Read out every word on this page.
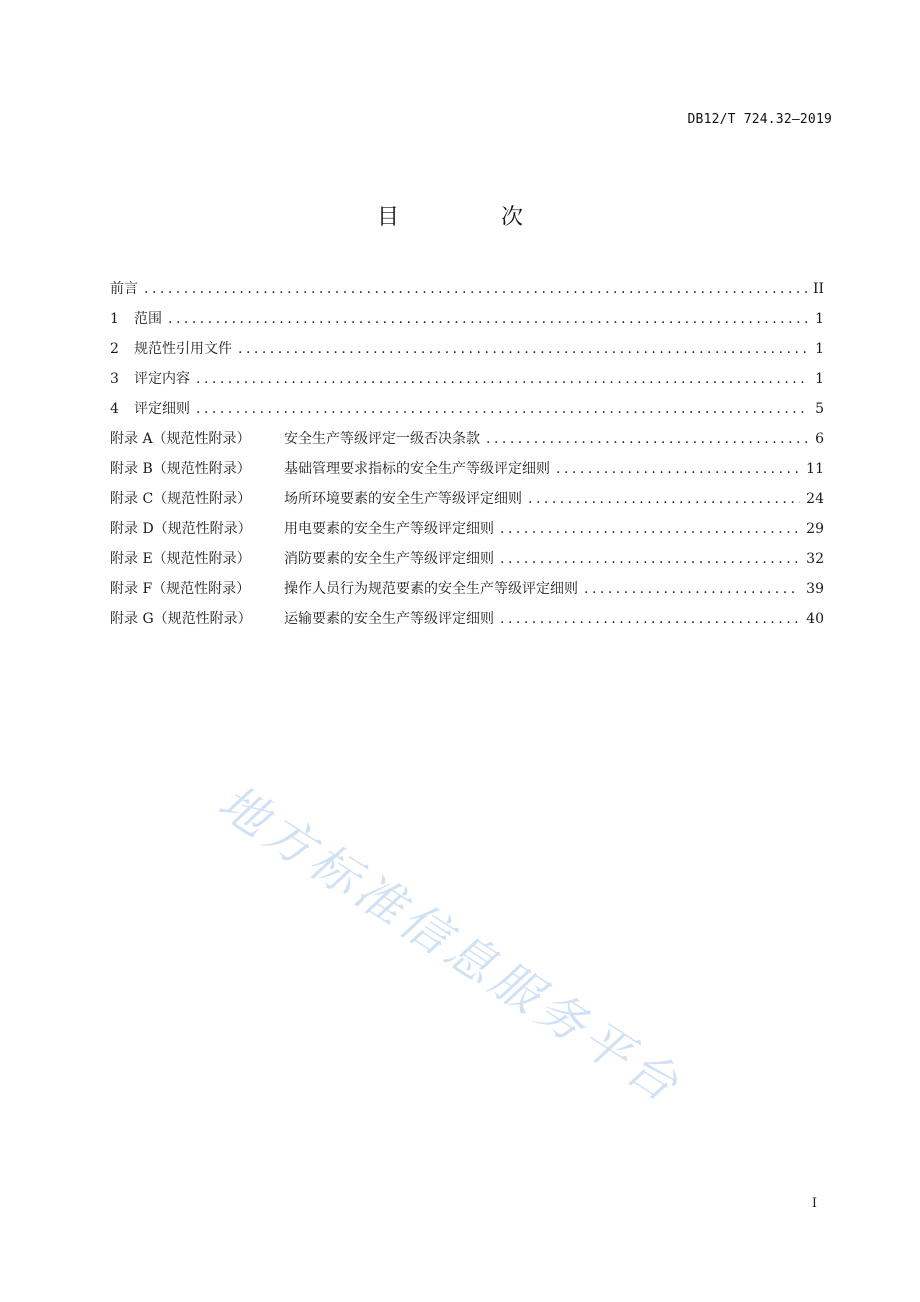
DB12/T 724.32—2019
目　次
前言 .....	II
1	范围 .....	1
2	规范性引用文件 .....	1
3	评定内容 .....	1
4	评定细则 .....	5
附录 A（规范性附录）	安全生产等级评定一级否决条款 .....	6
附录 B（规范性附录）	基础管理要求指标的安全生产等级评定细则 .....	11
附录 C（规范性附录）	场所环境要素的安全生产等级评定细则 .....	24
附录 D（规范性附录）	用电要素的安全生产等级评定细则 .....	29
附录 E（规范性附录）	消防要素的安全生产等级评定细则 .....	32
附录 F（规范性附录）	操作人员行为规范要素的安全生产等级评定细则 .....	39
附录 G（规范性附录）	运输要素的安全生产等级评定细则 .....	40
地方标准信息服务平台
I
